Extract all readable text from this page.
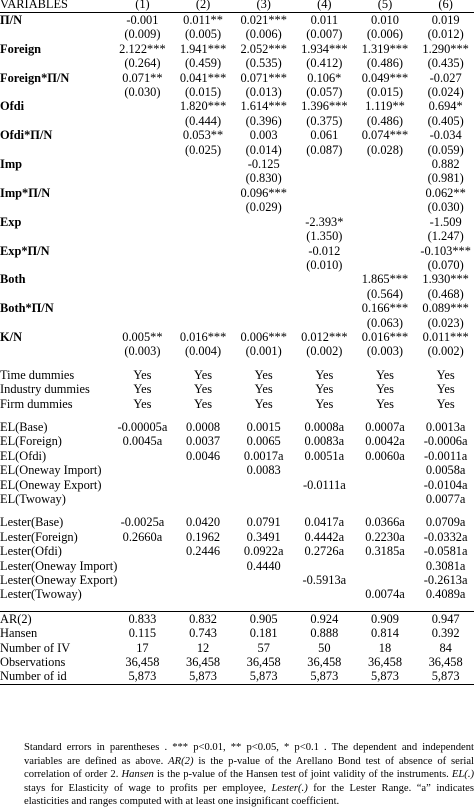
VARIABLES	(1)	(2)	(3)	(4)	(5)	(6)
Π/N	-0.001	0.011**	0.021***	0.011	0.010	0.019
	(0.009)	(0.005)	(0.006)	(0.007)	(0.006)	(0.012)
Foreign	2.122***	1.941***	2.052***	1.934***	1.319***	1.290***
	(0.264)	(0.459)	(0.535)	(0.412)	(0.486)	(0.435)
Foreign*Π/N	0.071**	0.041***	0.071***	0.106*	0.049***	-0.027
	(0.030)	(0.015)	(0.013)	(0.057)	(0.015)	(0.024)
Ofdi		1.820***	1.614***	1.396***	1.119**	0.694*
		(0.444)	(0.396)	(0.375)	(0.486)	(0.405)
Ofdi*Π/N		0.053**	0.003	0.061	0.074***	-0.034
		(0.025)	(0.014)	(0.087)	(0.028)	(0.059)
Imp			-0.125			0.882
			(0.830)			(0.981)
Imp*Π/N			0.096***			0.062**
			(0.029)			(0.030)
Exp				-2.393*		-1.509
				(1.350)		(1.247)
Exp*Π/N				-0.012		-0.103***
				(0.010)		(0.070)
Both					1.865***	1.930***
					(0.564)	(0.468)
Both*Π/N					0.166***	0.089***
					(0.063)	(0.023)
K/N	0.005**	0.016***	0.006***	0.012***	0.016***	0.011***
	(0.003)	(0.004)	(0.001)	(0.002)	(0.003)	(0.002)

Time dummies	Yes	Yes	Yes	Yes	Yes	Yes
Industry dummies	Yes	Yes	Yes	Yes	Yes	Yes
Firm dummies	Yes	Yes	Yes	Yes	Yes	Yes

EL(Base)	-0.00005a	0.0008	0.0015	0.0008a	0.0007a	0.0013a
EL(Foreign)	0.0045a	0.0037	0.0065	0.0083a	0.0042a	-0.0006a
EL(Ofdi)		0.0046	0.0017a	0.0051a	0.0060a	-0.0011a
EL(Oneway Import)			0.0083			0.0058a
EL(Oneway Export)				-0.0111a		-0.0104a
EL(Twoway)						0.0077a

Lester(Base)	-0.0025a	0.0420	0.0791	0.0417a	0.0366a	0.0709a
Lester(Foreign)	0.2660a	0.1962	0.3491	0.4442a	0.2230a	-0.0332a
Lester(Ofdi)		0.2446	0.0922a	0.2726a	0.3185a	-0.0581a
Lester(Oneway Import)			0.4440			0.3081a
Lester(Oneway Export)				-0.5913a		-0.2613a
Lester(Twoway)					0.0074a	0.4089a

AR(2)	0.833	0.832	0.905	0.924	0.909	0.947
Hansen	0.115	0.743	0.181	0.888	0.814	0.392
Number of IV	17	12	57	50	18	84
Observations	36,458	36,458	36,458	36,458	36,458	36,458
Number of id	5,873	5,873	5,873	5,873	5,873	5,873
Standard errors in parentheses . *** p<0.01, ** p<0.05, * p<0.1 . The dependent and independent variables are defined as above. AR(2) is the p-value of the Arellano Bond test of absence of serial correlation of order 2. Hansen is the p-value of the Hansen test of joint validity of the instruments. EL(.) stays for Elasticity of wage to profits per employee, Lester(.) for the Lester Range. “a” indicates elasticities and ranges computed with at least one insignificant coefficient.
